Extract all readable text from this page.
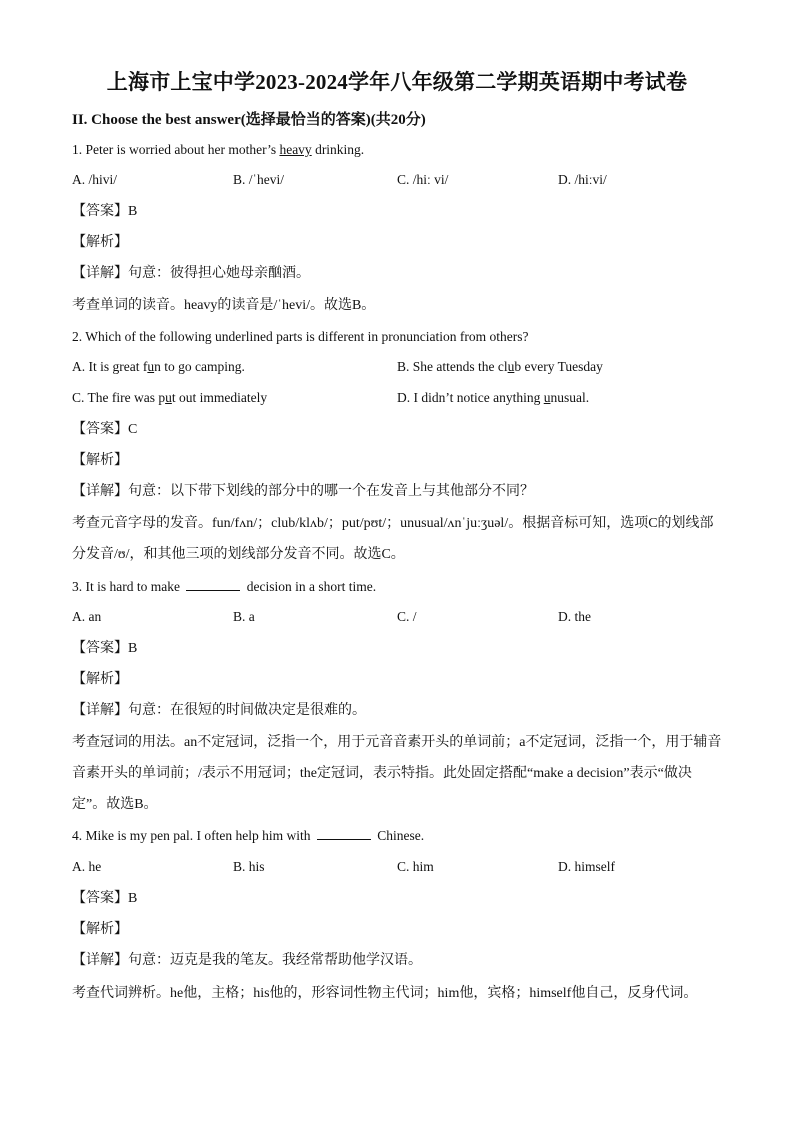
上海市上宝中学2023-2024学年八年级第二学期英语期中考试卷
II. Choose the best answer(选择最恰当的答案)(共20分)
1. Peter is worried about her mother’s heavy drinking.
A. /hivi/	B. /ˈhevi/	C. /hiː vi/	D. /hiːvi/
【答案】B
【解析】
【详解】句意：彼得担心她母亲酗酒。
考查单词的读音。heavy的读音是/ˈhevi/。故选B。
2. Which of the following underlined parts is different in pronunciation from others?
A. It is great fun to go camping.	B. She attends the club every Tuesday
C. The fire was put out immediately	D. I didn’t notice anything unusual.
【答案】C
【解析】
【详解】句意：以下带下划线的部分中的哪一个在发音上与其他部分不同？
考查元音字母的发音。fun/fʌn/；club/klʌb/；put/pʊt/；unusual/ʌnˈjuːʒuəl/。根据音标可知，选项C的划线部分发音/ʊ/，和其他三项的划线部分发音不同。故选C。
3. It is hard to make	decision in a short time.
A. an	B. a	C. /	D. the
【答案】B
【解析】
【详解】句意：在很短的时间做决定是很难的。
考查冠词的用法。an不定冠词，泛指一个，用于元音音素开头的单词前；a不定冠词，泛指一个，用于辅音音素开头的单词前；/表示不用冠词；the定冠词，表示特指。此处固定搭配“make a decision”表示“做决定”。故选B。
4. Mike is my pen pal. I often help him with	Chinese.
A. he	B. his	C. him	D. himself
【答案】B
【解析】
【详解】句意：迈克是我的笔友。我经常帮助他学汉语。
考查代词辨析。he他，主格；his他的，形容词性物主代词；him他，宾格；himself他自己，反身代词。
